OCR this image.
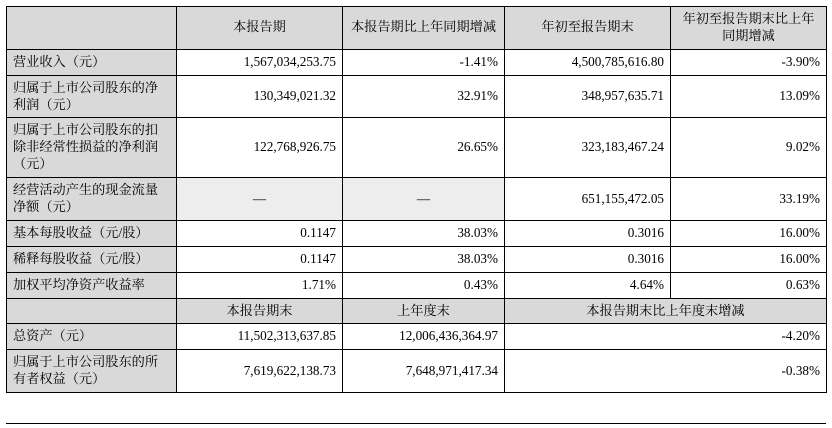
	本报告期	本报告期比上年同期增减	年初至报告期末	年初至报告期末比上年同期增减
营业收入（元）	1,567,034,253.75	-1.41%	4,500,785,616.80	-3.90%
归属于上市公司股东的净利润（元）	130,349,021.32	32.91%	348,957,635.71	13.09%
归属于上市公司股东的扣除非经常性损益的净利润（元）	122,768,926.75	26.65%	323,183,467.24	9.02%
经营活动产生的现金流量净额（元）	—	—	651,155,472.05	33.19%
基本每股收益（元/股）	0.1147	38.03%	0.3016	16.00%
稀释每股收益（元/股）	0.1147	38.03%	0.3016	16.00%
加权平均净资产收益率	1.71%	0.43%	4.64%	0.63%
	本报告期末	上年度末	本报告期末比上年度末增减	
总资产（元）	11,502,313,637.85	12,006,436,364.97	-4.20%	
归属于上市公司股东的所有者权益（元）	7,619,622,138.73	7,648,971,417.34	-0.38%	
